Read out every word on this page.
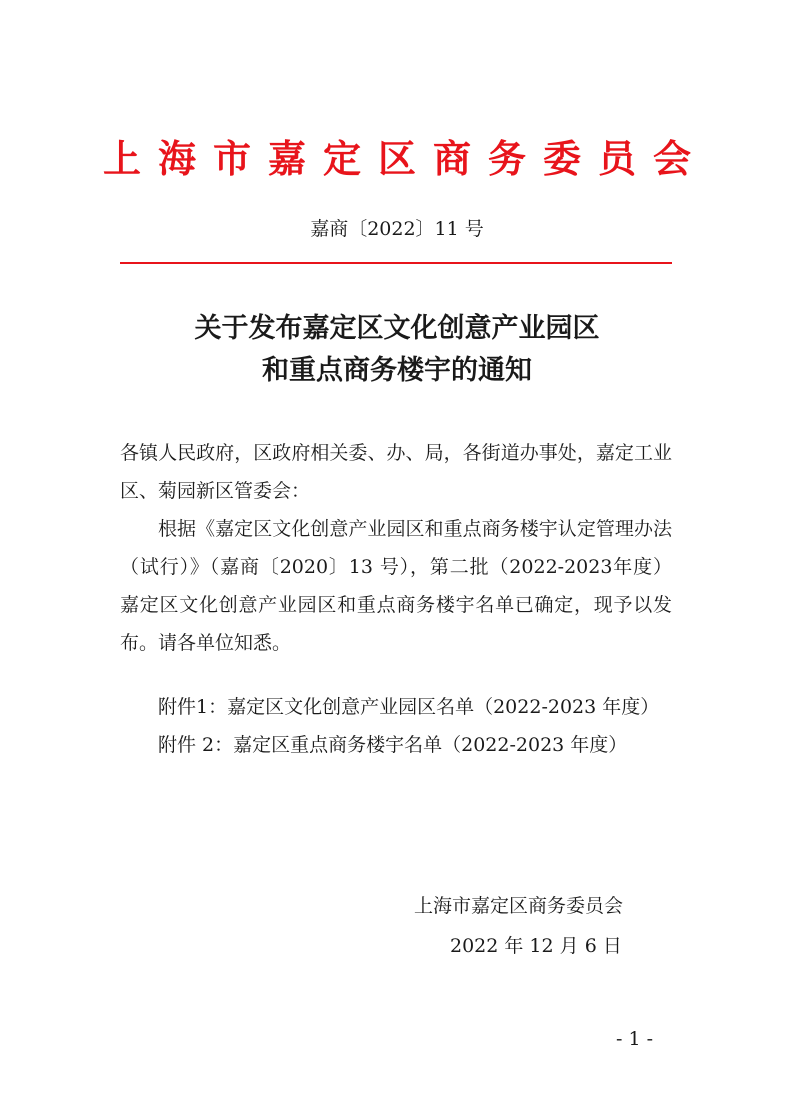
上海市嘉定区商务委员会
嘉商〔2022〕11 号
关于发布嘉定区文化创意产业园区
和重点商务楼宇的通知

各镇人民政府，区政府相关委、办、局，各街道办事处，嘉定工业区、菊园新区管委会：

根据《嘉定区文化创意产业园区和重点商务楼宇认定管理办法（试行）》（嘉商〔2020〕13 号），第二批（2022-2023年度）嘉定区文化创意产业园区和重点商务楼宇名单已确定，现予以发布。请各单位知悉。

附件1：嘉定区文化创意产业园区名单（2022-2023 年度）
附件 2：嘉定区重点商务楼宇名单（2022-2023 年度）
上海市嘉定区商务委员会
2022 年 12 月 6 日
- 1 -
